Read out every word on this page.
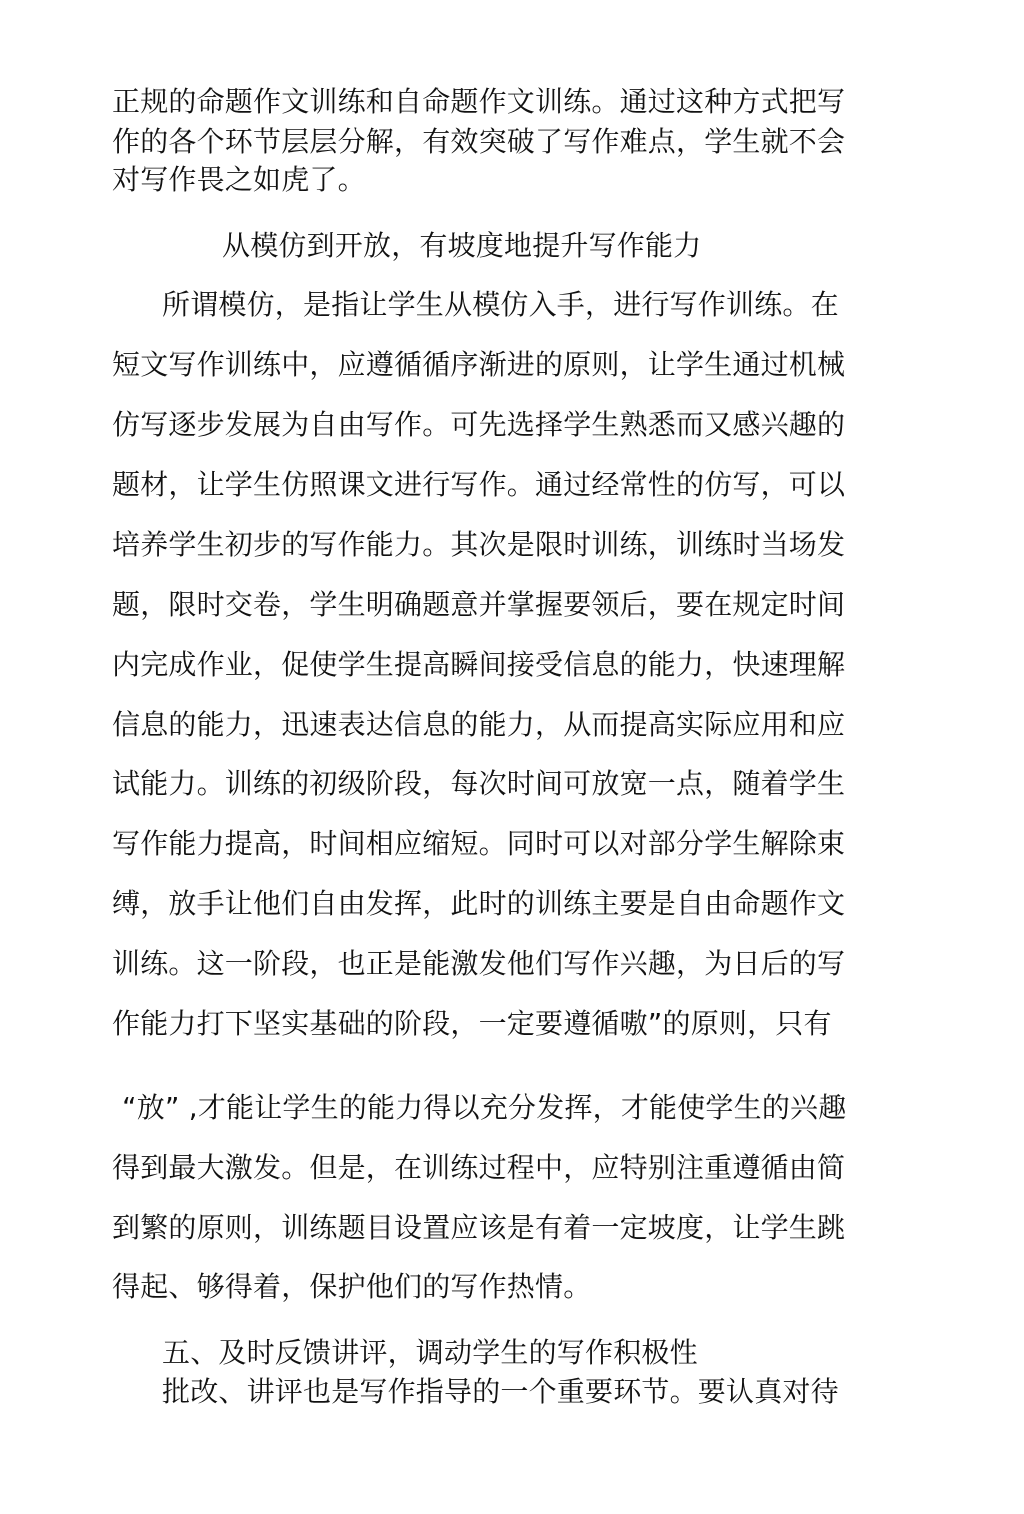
正规的命题作文训练和自命题作文训练。通过这种方式把写
作的各个环节层层分解，有效突破了写作难点，学生就不会
对写作畏之如虎了。
从模仿到开放，有坡度地提升写作能力
所谓模仿，是指让学生从模仿入手，进行写作训练。在
短文写作训练中，应遵循循序渐进的原则，让学生通过机械
仿写逐步发展为自由写作。可先选择学生熟悉而又感兴趣的
题材，让学生仿照课文进行写作。通过经常性的仿写，可以
培养学生初步的写作能力。其次是限时训练，训练时当场发
题，限时交卷，学生明确题意并掌握要领后，要在规定时间
内完成作业，促使学生提高瞬间接受信息的能力，快速理解
信息的能力，迅速表达信息的能力，从而提高实际应用和应
试能力。训练的初级阶段，每次时间可放宽一点，随着学生
写作能力提高，时间相应缩短。同时可以对部分学生解除束
缚，放手让他们自由发挥，此时的训练主要是自由命题作文
训练。这一阶段，也正是能激发他们写作兴趣，为日后的写
作能力打下坚实基础的阶段，一定要遵循嗷”的原则，只有
“放” ,才能让学生的能力得以充分发挥，才能使学生的兴趣
得到最大激发。但是，在训练过程中，应特别注重遵循由简
到繁的原则，训练题目设置应该是有着一定坡度，让学生跳
得起、够得着，保护他们的写作热情。
五、及时反馈讲评，调动学生的写作积极性
批改、讲评也是写作指导的一个重要环节。要认真对待
